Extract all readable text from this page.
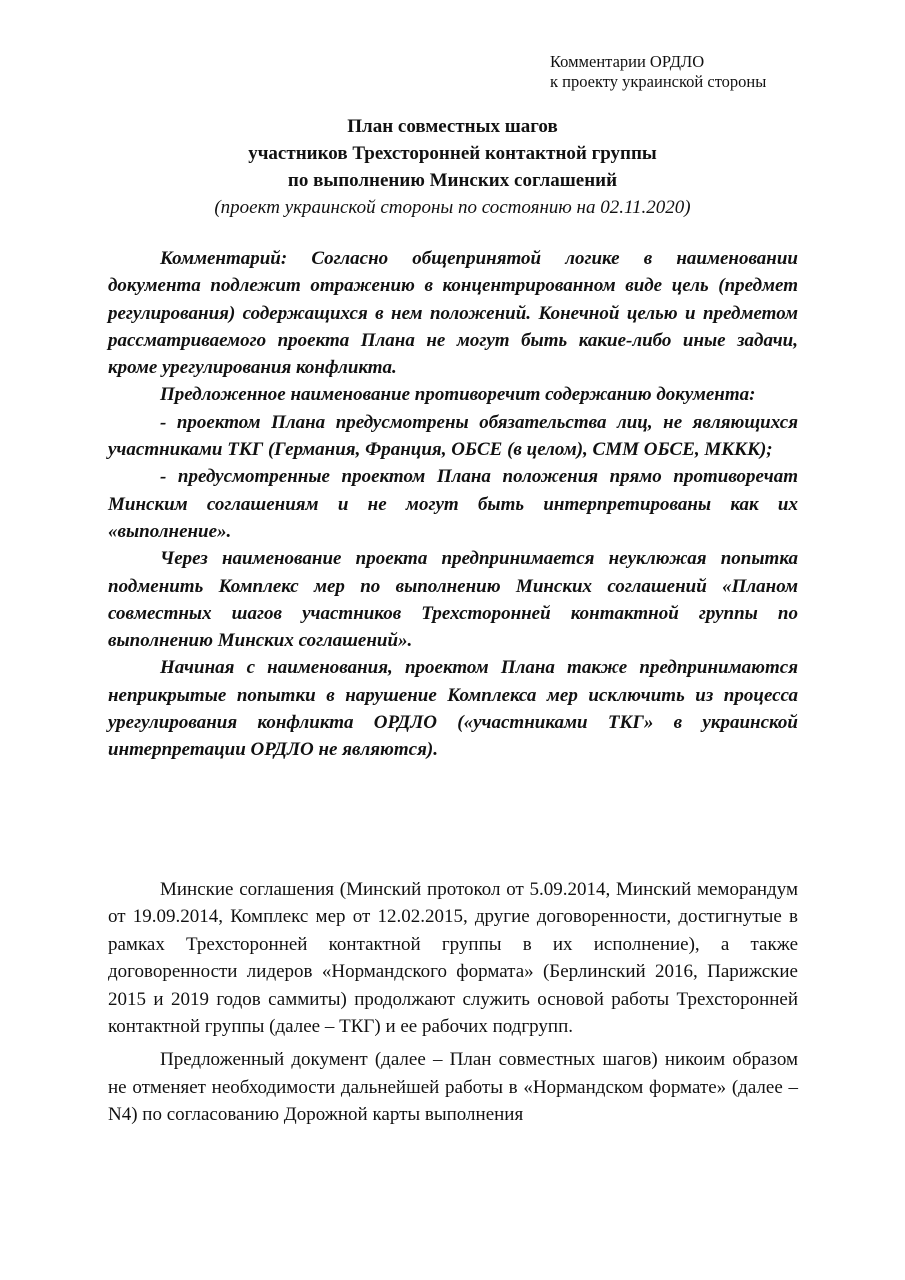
Комментарии ОРДЛО
к проекту украинской стороны
План совместных шагов
участников Трехсторонней контактной группы
по выполнению Минских соглашений
(проект украинской стороны по состоянию на 02.11.2020)

Комментарий: Согласно общепринятой логике в наименовании документа подлежит отражению в концентрированном виде цель (предмет регулирования) содержащихся в нем положений. Конечной целью и предметом рассматриваемого проекта Плана не могут быть какие-либо иные задачи, кроме урегулирования конфликта.

Предложенное наименование противоречит содержанию документа:

- проектом Плана предусмотрены обязательства лиц, не являющихся участниками ТКГ (Германия, Франция, ОБСЕ (в целом), СММ ОБСЕ, МККК);

- предусмотренные проектом Плана положения прямо противоречат Минским соглашениям и не могут быть интерпретированы как их «выполнение».

Через наименование проекта предпринимается неуклюжая попытка подменить Комплекс мер по выполнению Минских соглашений «Планом совместных шагов участников Трехсторонней контактной группы по выполнению Минских соглашений».

Начиная с наименования, проектом Плана также предпринимаются неприкрытые попытки в нарушение Комплекса мер исключить из процесса урегулирования конфликта ОРДЛО («участниками ТКГ» в украинской интерпретации ОРДЛО не являются).

Минские соглашения (Минский протокол от 5.09.2014, Минский меморандум от 19.09.2014, Комплекс мер от 12.02.2015, другие договоренности, достигнутые в рамках Трехсторонней контактной группы в их исполнение), а также договоренности лидеров «Нормандского формата» (Берлинский 2016, Парижские 2015 и 2019 годов саммиты) продолжают служить основой работы Трехсторонней контактной группы (далее – ТКГ) и ее рабочих подгрупп.

Предложенный документ (далее – План совместных шагов) никоим образом не отменяет необходимости дальнейшей работы в «Нормандском формате» (далее – N4) по согласованию Дорожной карты выполнения
